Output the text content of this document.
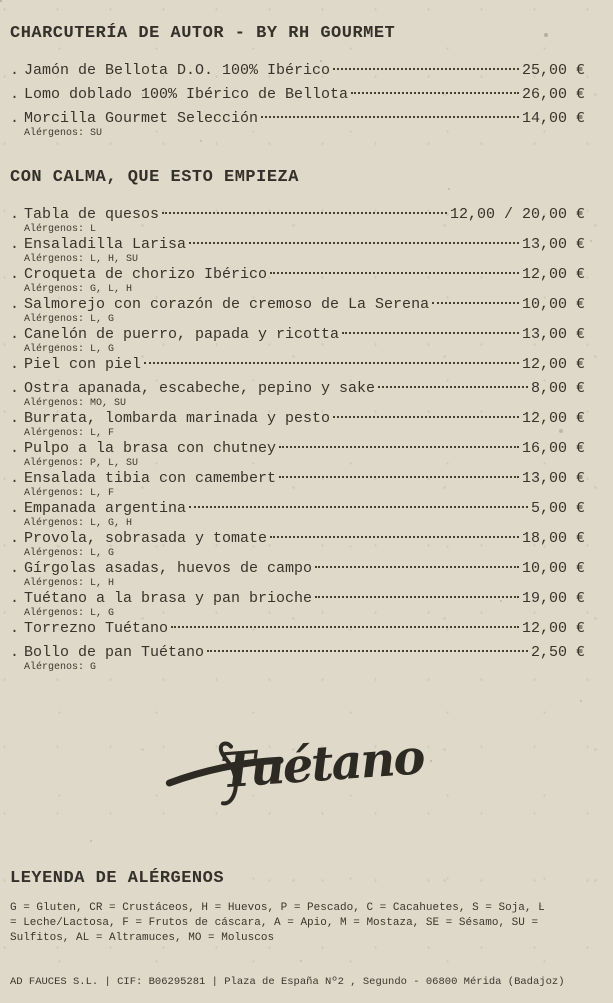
CHARCUTERÍA DE AUTOR - BY RH GOURMET
. Jamón de Bellota D.O. 100% Ibérico	25,00 €
. Lomo doblado 100% Ibérico de Bellota	26,00 €
. Morcilla Gourmet Selección	14,00 €
Alérgenos: SU
CON CALMA, QUE ESTO EMPIEZA
. Tabla de quesos	12,00 / 20,00 €
Alérgenos: L
. Ensaladilla Larisa	13,00 €
Alérgenos: L, H, SU
. Croqueta de chorizo Ibérico	12,00 €
Alérgenos: G, L, H
. Salmorejo con corazón de cremoso de La Serena	10,00 €
Alérgenos: L, G
. Canelón de puerro, papada y ricotta	13,00 €
Alérgenos: L, G
. Piel con piel	12,00 €
. Ostra apanada, escabeche, pepino y sake	8,00 €
Alérgenos: MO, SU
. Burrata, lombarda marinada y pesto	12,00 €
Alérgenos: L, F
. Pulpo a la brasa con chutney	16,00 €
Alérgenos: P, L, SU
. Ensalada tibia con camembert	13,00 €
Alérgenos: L, F
. Empanada argentina	5,00 €
Alérgenos: L, G, H
. Provola, sobrasada y tomate	18,00 €
Alérgenos: L, G
. Gírgolas asadas, huevos de campo	10,00 €
Alérgenos: L, H
. Tuétano a la brasa y pan brioche	19,00 €
Alérgenos: L, G
. Torrezno Tuétano	12,00 €
. Bollo de pan Tuétano	2,50 €
Alérgenos: G
Tuétano
LEYENDA DE ALÉRGENOS
G = Gluten, CR = Crustáceos, H = Huevos, P = Pescado, C = Cacahuetes, S = Soja, L = Leche/Lactosa, F = Frutos de cáscara, A = Apio, M = Mostaza, SE = Sésamo, SU = Sulfitos, AL = Altramuces, MO = Moluscos
AD FAUCES S.L. | CIF: B06295281 | Plaza de España Nº2 , Segundo - 06800 Mérida (Badajoz)
